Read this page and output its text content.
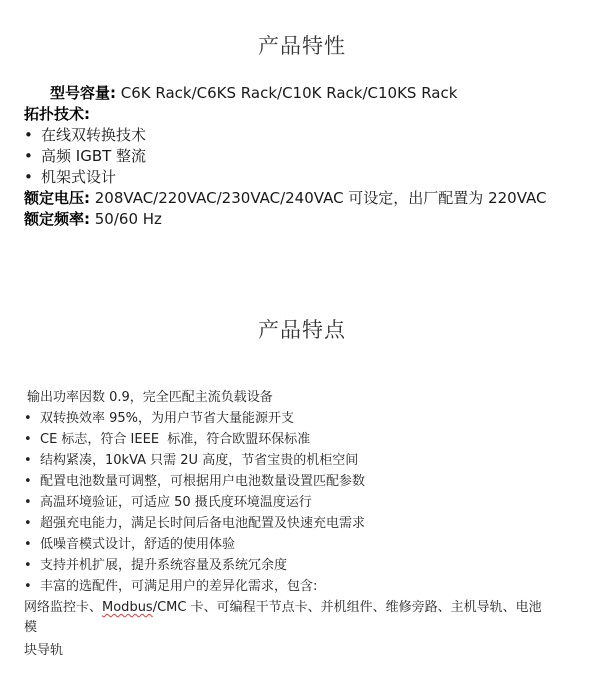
产品特性
型号容量: C6K Rack/C6KS Rack/C10K Rack/C10KS Rack
拓扑技术:
• 在线双转换技术
• 高频 IGBT 整流
• 机架式设计
额定电压: 208VAC/220VAC/230VAC/240VAC 可设定，出厂配置为 220VAC
额定频率: 50/60 Hz
产品特点
输出功率因数 0.9，完全匹配主流负载设备
• 双转换效率 95%，为用户节省大量能源开支
• CE 标志，符合 IEEE  标准，符合欧盟环保标准
• 结构紧凑，10kVA 只需 2U 高度，节省宝贵的机柜空间
• 配置电池数量可调整，可根据用户电池数量设置匹配参数
• 高温环境验证，可适应 50 摄氏度环境温度运行
• 超强充电能力，满足长时间后备电池配置及快速充电需求
• 低噪音模式设计，舒适的使用体验
• 支持并机扩展，提升系统容量及系统冗余度
• 丰富的选配件，可满足用户的差异化需求，包含:
网络监控卡、Modbus/CMC 卡、可编程干节点卡、并机组件、维修旁路、主机导轨、电池
模
块导轨
